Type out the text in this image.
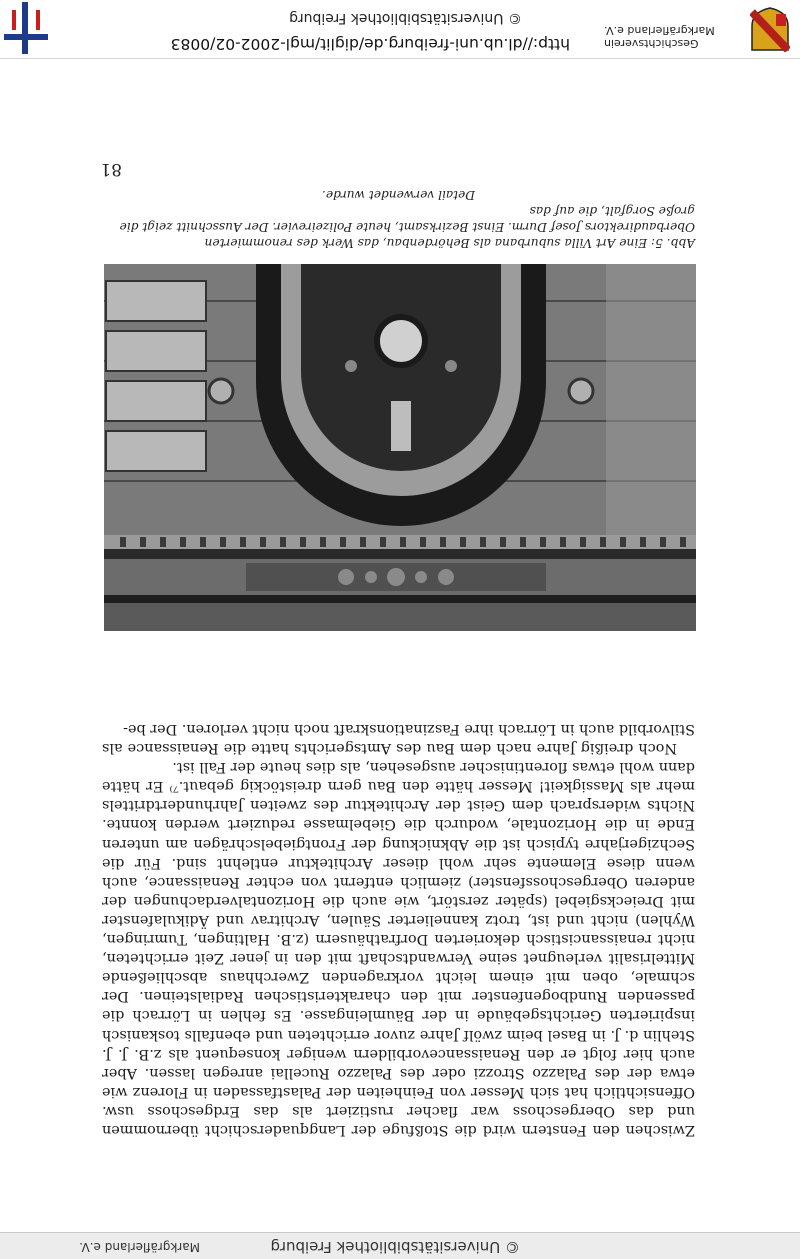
© Universitätsbibliothek Freiburg
Markgräflerland e.V.

Zwischen den Fenstern wird die Stoßfuge der Langquaderschicht übernommen und das Obergeschoss war flacher rustiziert als das Erdgeschoss usw. Offensichtlich hat sich Messer von Feinheiten der Palastfassaden in Florenz wie etwa der des Palazzo Strozzi oder des Palazzo Rucellai anregen lassen. Aber auch hier folgt er den Renaissancevorbildern weniger konsequent als z.B. J. J. Stehlin d. J. in Basel beim zwölf Jahre zuvor errichteten und ebenfalls toskanisch inspirierten Gerichtsgebäude in der Bäumleingasse. Es fehlen in Lörrach die passenden Rundbogenfenster mit den charakteristischen Radialsteinen. Der schmale, oben mit einem leicht vorkragenden Zwerchhaus abschließende Mittelrisalit verleugnet seine Verwandtschaft mit den in jener Zeit errichteten, nicht renaissancistisch dekorierten Dorfrathäusern (z.B. Haltingen, Tumringen, Wyhlen) nicht und ist, trotz kannelierter Säulen, Architrav und Ädikulafenster mit Dreiecksgiebel (später zerstört, wie auch die Horizontalverdachungen der anderen Obergeschossfenster) ziemlich entfernt von echter Renaissance, auch wenn diese Elemente sehr wohl dieser Architektur entlehnt sind. Für die Sechzigerjahre typisch ist die Abknickung der Frontgiebelschrägen am unteren Ende in die Horizontale, wodurch die Giebelmasse reduziert werden konnte. Nichts widersprach dem Geist der Architektur des zweiten Jahrhundertdrittels mehr als Massigkeit! Messer hätte den Bau gern dreistöckig gebaut.⁷⁾ Er hätte dann wohl etwas florentinischer ausgesehen, als dies heute der Fall ist.

Noch dreißig Jahre nach dem Bau des Amtsgerichts hatte die Renaissance als Stilvorbild auch in Lörrach ihre Faszinationskraft noch nicht verloren. Der be-

Abb. 5: Eine Art Villa suburbana als Behördenbau, das Werk des renommierten Oberbaudirektors Josef Durm. Einst Bezirksamt, heute Polizeirevier. Der Ausschnitt zeigt die große Sorgfalt, die auf das
Detail verwendet wurde.
81
Geschichtsverein
Markgräflerland e.V.
http://dl.ub.uni-freiburg.de/diglit/mgl-2002-02/0083
© Universitätsbibliothek Freiburg
